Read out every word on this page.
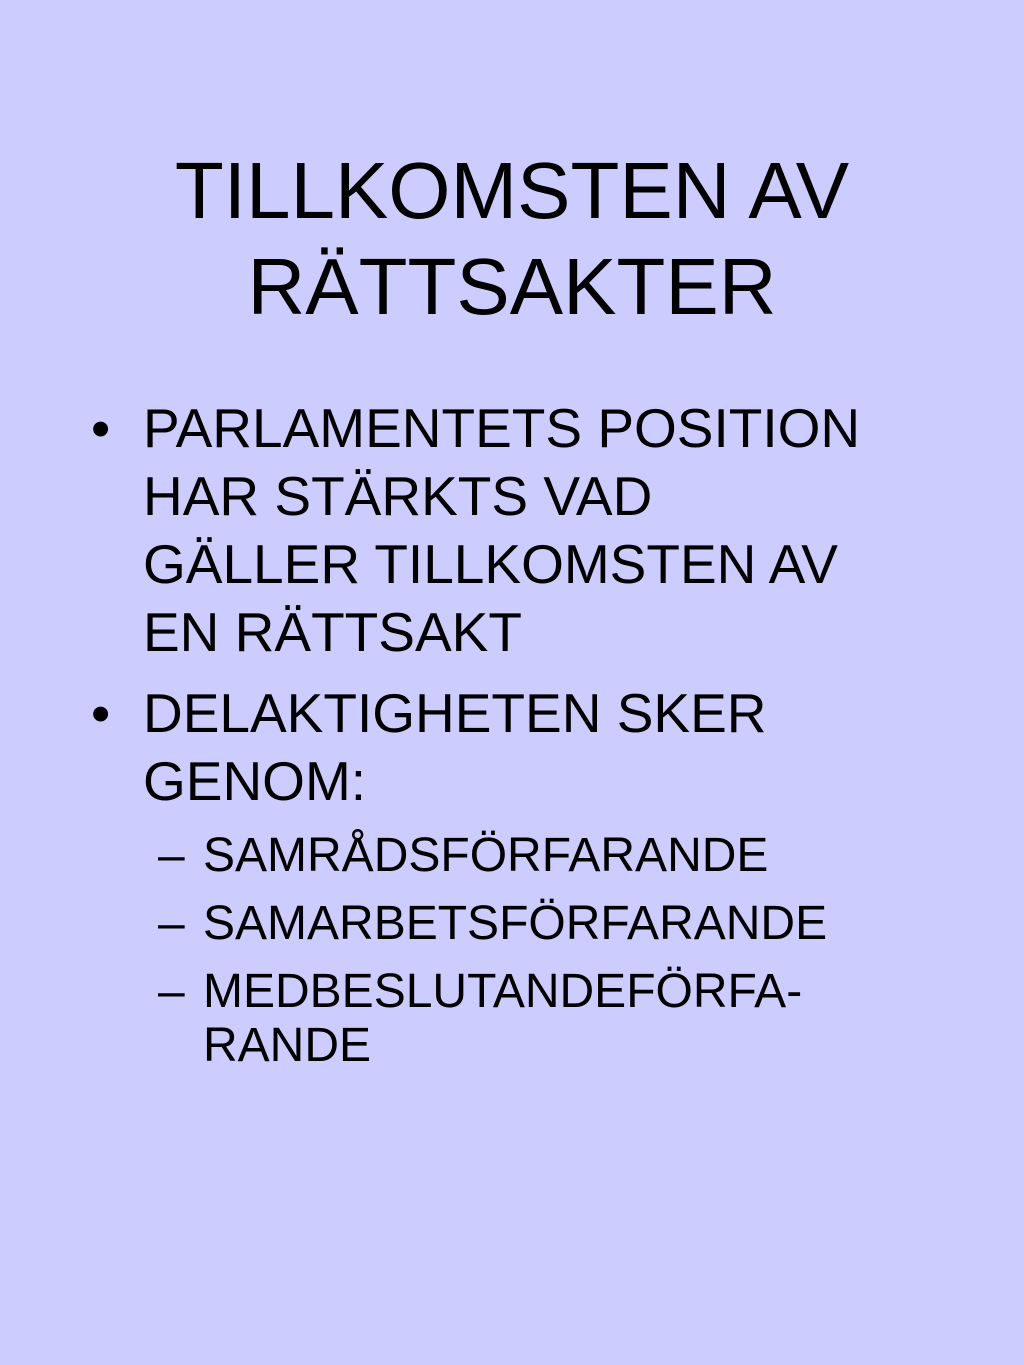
TILLKOMSTEN AV
RÄTTSAKTER
• PARLAMENTETS POSITION
HAR STÄRKTS VAD
GÄLLER TILLKOMSTEN AV
EN RÄTTSAKT
• DELAKTIGHETEN SKER
GENOM:
– SAMRÅDSFÖRFARANDE
– SAMARBETSFÖRFARANDE
– MEDBESLUTANDEFÖRFA-
RANDE
